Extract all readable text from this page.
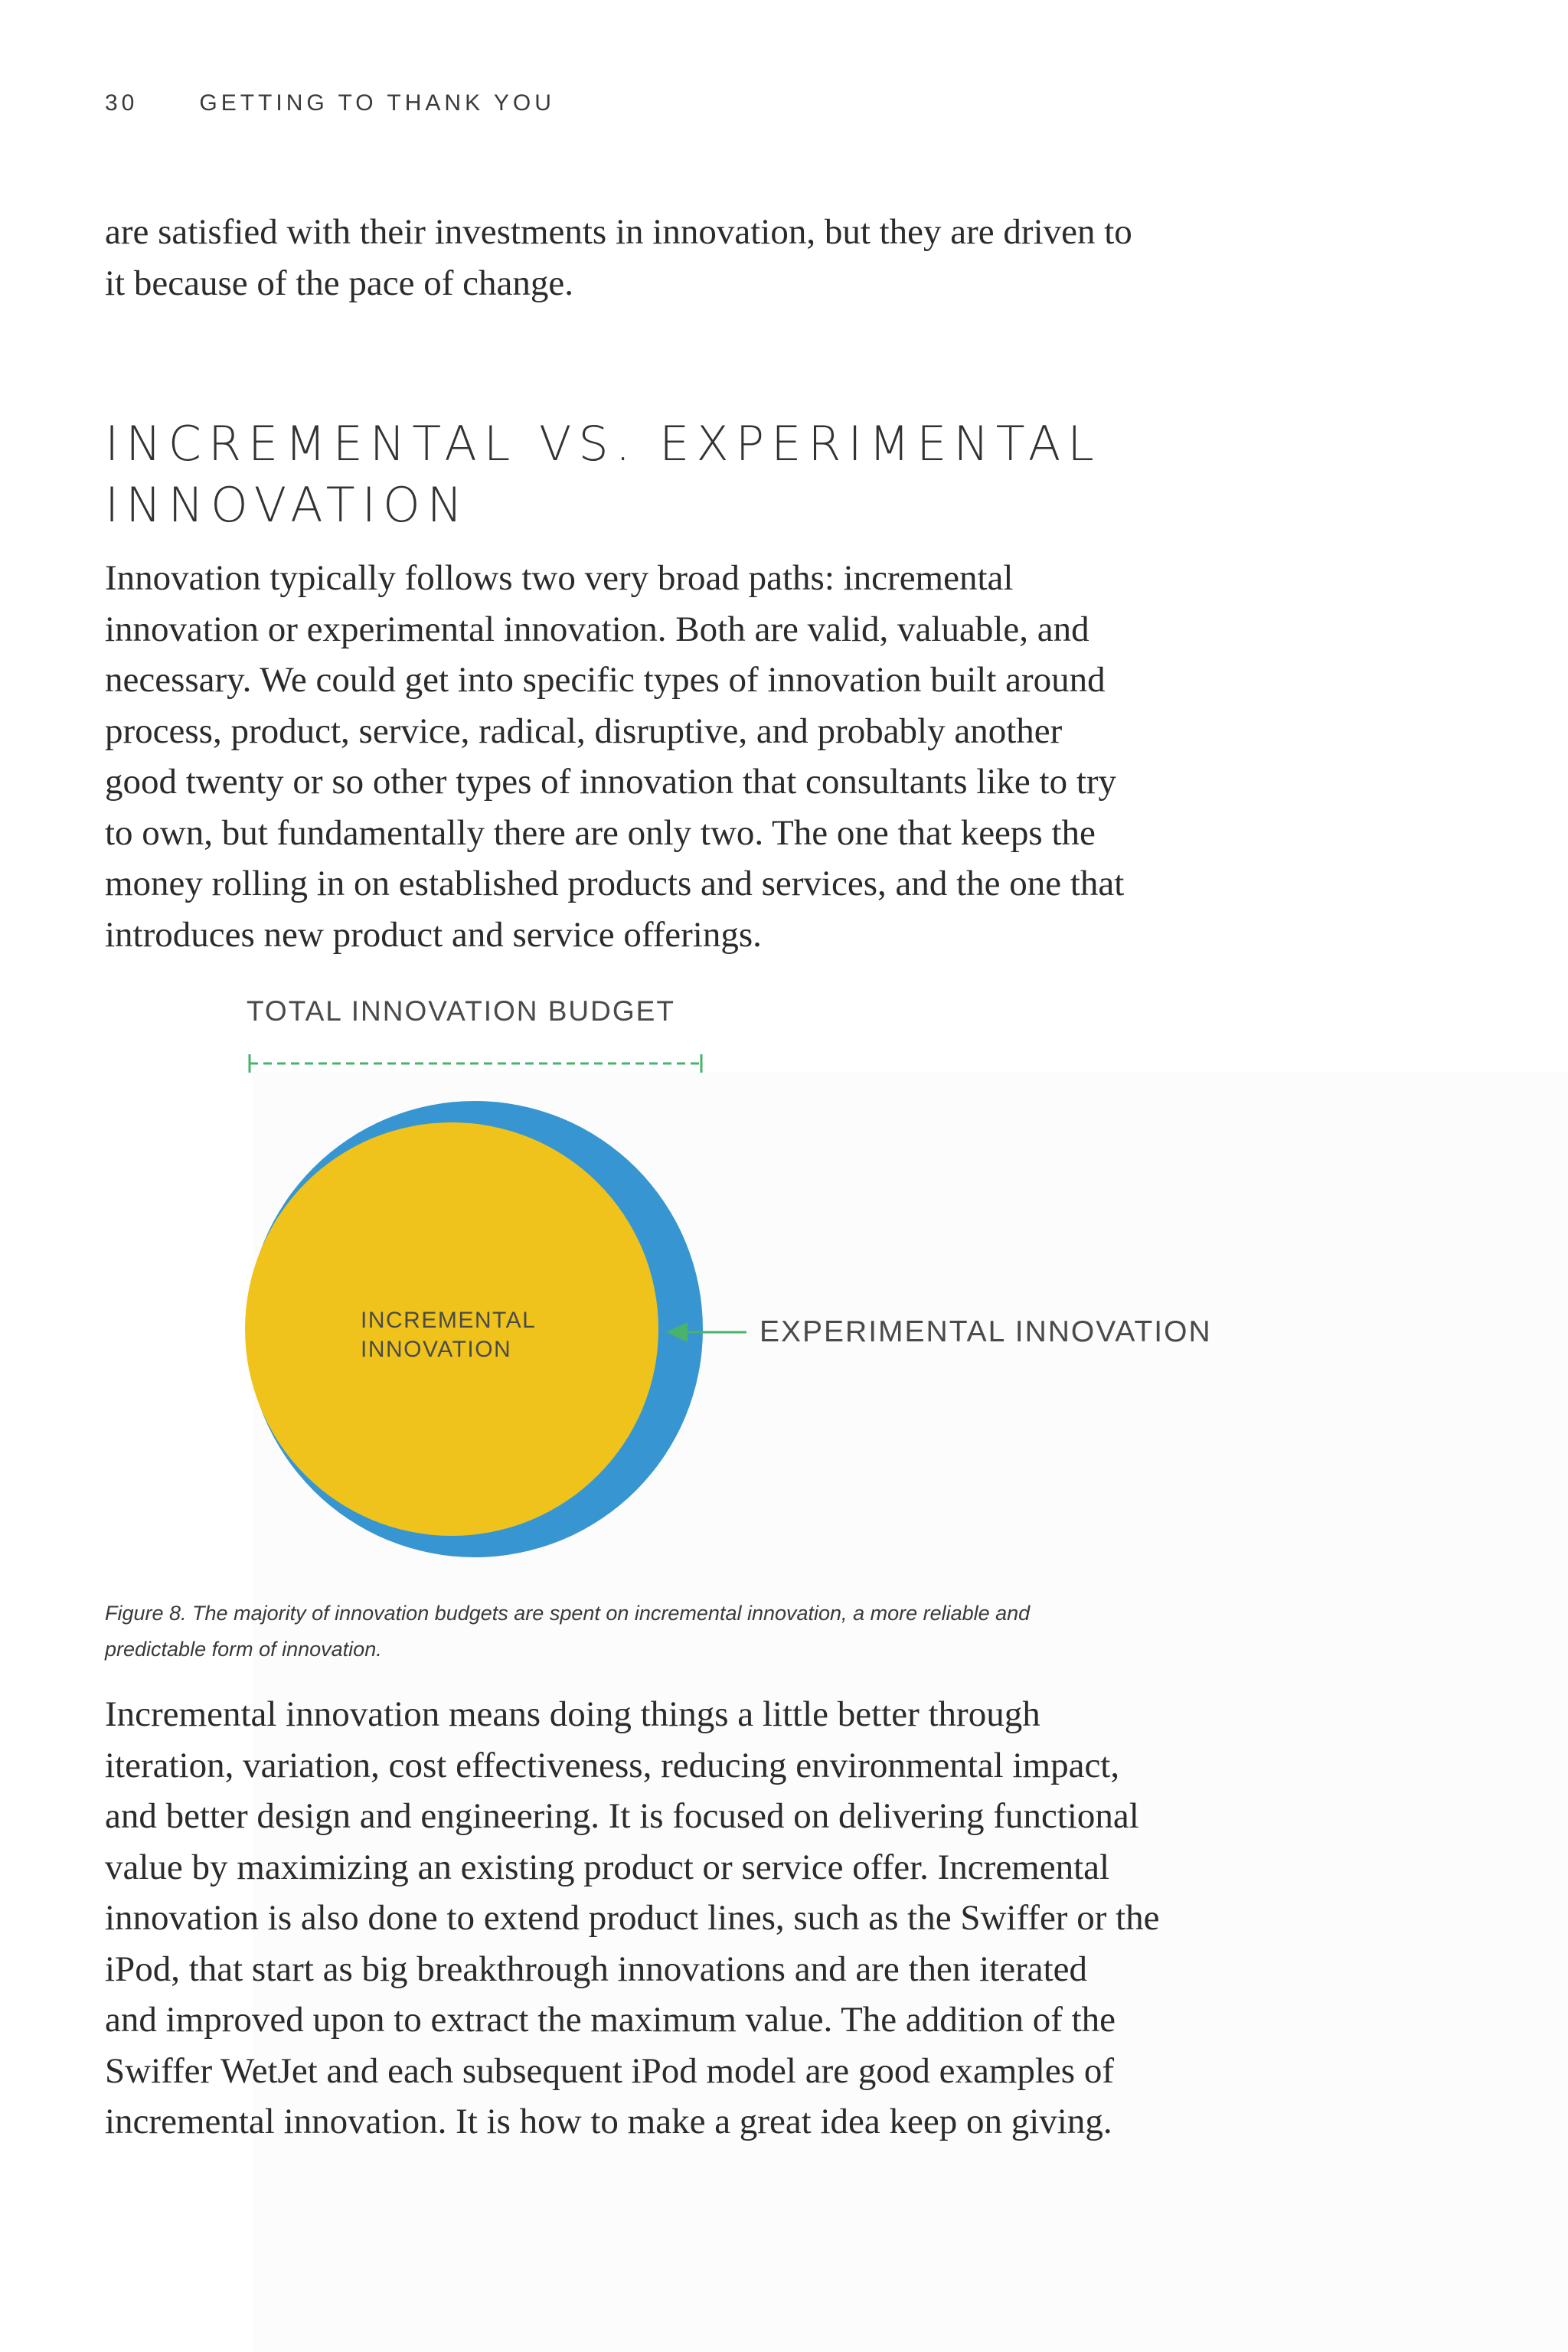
30	GETTING TO THANK YOU
are satisfied with their investments in innovation, but they are driven to
it because of the pace of change.
INCREMENTAL VS. EXPERIMENTAL
INNOVATION
Innovation typically follows two very broad paths: incremental
innovation or experimental innovation. Both are valid, valuable, and
necessary. We could get into specific types of innovation built around
process, product, service, radical, disruptive, and probably another
good twenty or so other types of innovation that consultants like to try
to own, but fundamentally there are only two. The one that keeps the
money rolling in on established products and services, and the one that
introduces new product and service offerings.
TOTAL INNOVATION BUDGET
INCREMENTAL
INNOVATION
EXPERIMENTAL INNOVATION
Figure 8. The majority of innovation budgets are spent on incremental innovation, a more reliable and
predictable form of innovation.
Incremental innovation means doing things a little better through
iteration, variation, cost effectiveness, reducing environmental impact,
and better design and engineering. It is focused on delivering functional
value by maximizing an existing product or service offer. Incremental
innovation is also done to extend product lines, such as the Swiffer or the
iPod, that start as big breakthrough innovations and are then iterated
and improved upon to extract the maximum value. The addition of the
Swiffer WetJet and each subsequent iPod model are good examples of
incremental innovation. It is how to make a great idea keep on giving.
